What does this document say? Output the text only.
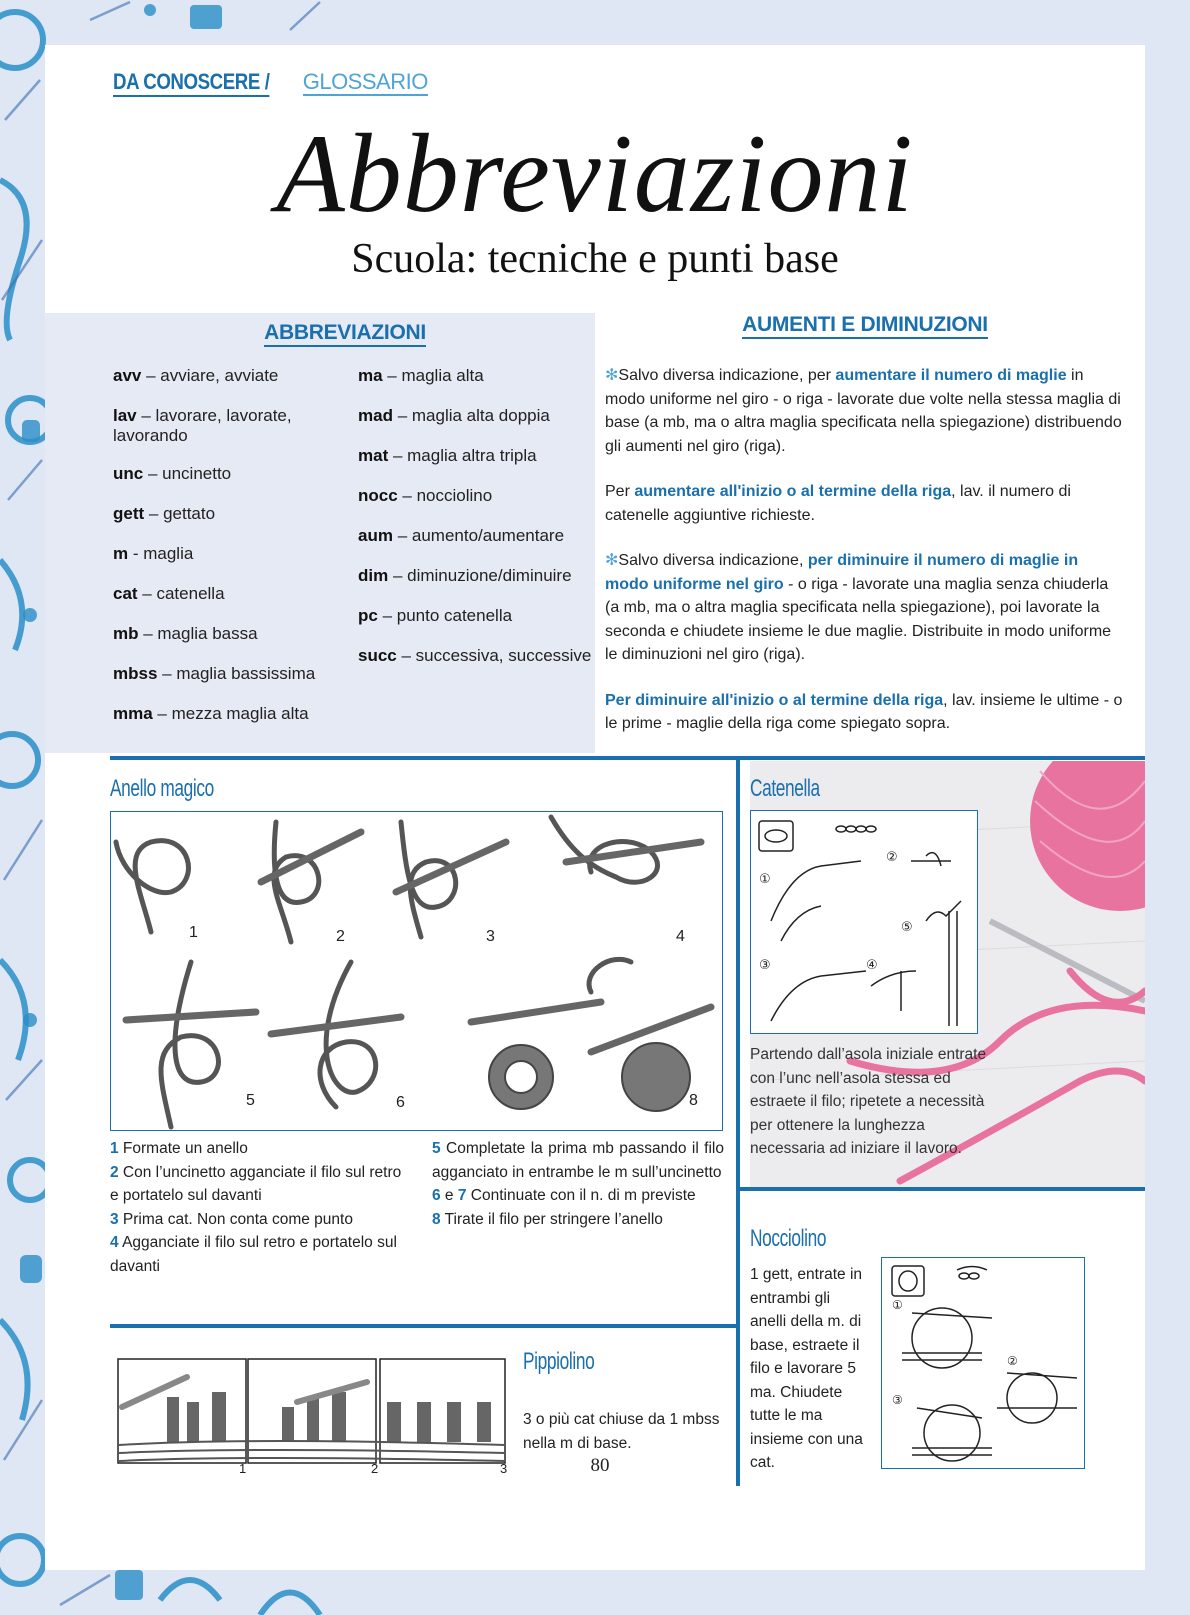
DA CONOSCERE / GLOSSARIO
Abbreviazioni
Scuola: tecniche e punti base
ABBREVIAZIONI
avv – avviare, avviate
lav – lavorare, lavorate, lavorando
unc – uncinetto
gett – gettato
m - maglia
cat – catenella
mb – maglia bassa
mbss – maglia bassissima
mma – mezza maglia alta
ma – maglia alta
mad – maglia alta doppia
mat – maglia altra tripla
nocc – nocciolino
aum – aumento/aumentare
dim – diminuzione/diminuire
pc – punto catenella
succ – successiva, successive
AUMENTI E DIMINUZIONI

✻Salvo diversa indicazione, per aumentare il numero di maglie in modo uniforme nel giro - o riga - lavorate due volte nella stessa maglia di base (a mb, ma o altra maglia specificata nella spiegazione) distribuendo gli aumenti nel giro (riga).

Per aumentare all'inizio o al termine della riga, lav. il numero di catenelle aggiuntive richieste.

✻Salvo diversa indicazione, per diminuire il numero di maglie in modo uniforme nel giro - o riga - lavorate una maglia senza chiuderla (a mb, ma o altra maglia specificata nella spiegazione), poi lavorate la seconda e chiudete insieme le due maglie. Distribuite in modo uniforme le diminuzioni nel giro (riga).

Per diminuire all'inizio o al termine della riga, lav. insieme le ultime - o le prime - maglie della riga come spiegato sopra.

Anello magico
1	2	3	4
5	6	8
1 Formate un anello
2 Con l’uncinetto agganciate il filo sul retro e portatelo sul davanti
3 Prima cat. Non conta come punto
4 Agganciate il filo sul retro e portatelo sul davanti
5 Completate la prima mb passando il filo agganciato in entrambe le m sull’uncinetto
6 e 7 Continuate con il n. di m previste
8 Tirate il filo per stringere l’anello
1	2	3
Pippiolino
3 o più cat chiuse da 1 mbss nella m di base.
Catenella
①
②
③	④
⑤
Partendo dall’asola iniziale entrate con l’unc nell’asola stessa ed estraete il filo; ripetete a necessità per ottenere la lunghezza necessaria ad iniziare il lavoro.
Nocciolino
1 gett, entrate in entrambi gli anelli della m. di base, estraete il filo e lavorare 5 ma. Chiudete tutte le ma insieme con una cat.
①
②
③
80
